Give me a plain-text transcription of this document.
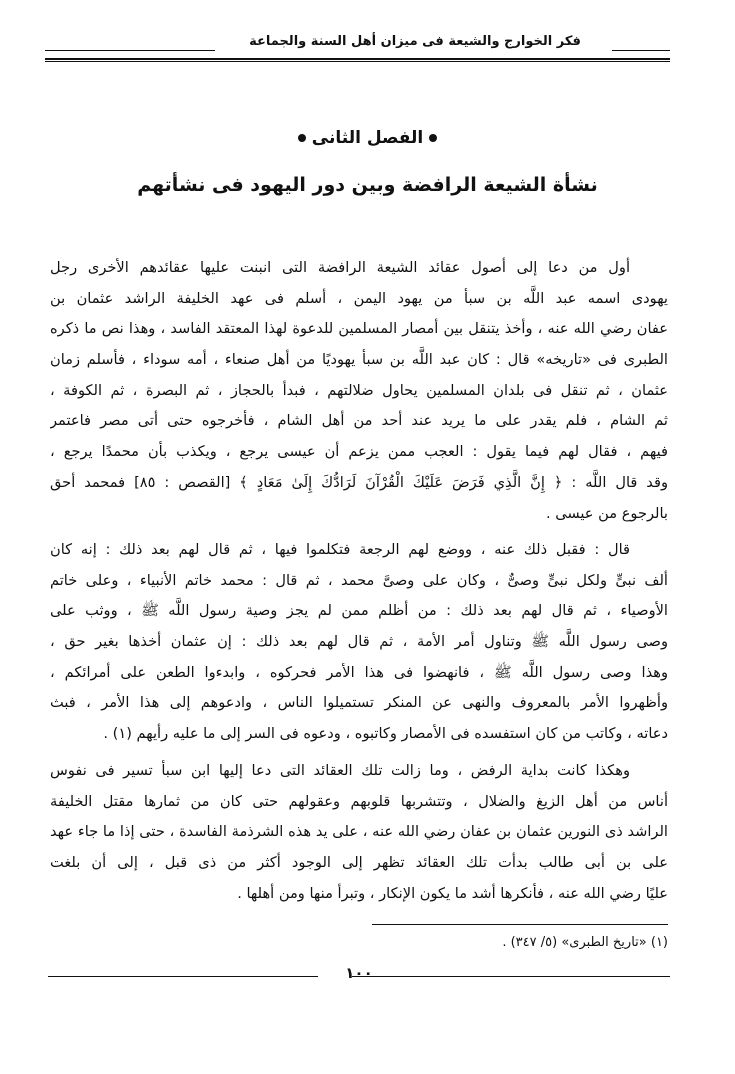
فكر الخوارج والشيعة فى ميزان أهل السنة والجماعة
الفصل الثانى
نشأة الشيعة الرافضة وبين دور اليهود فى نشأتهم
أول من دعا إلى أصول عقائد الشيعة الرافضة التى انبنت عليها عقائدهم الأخرى رجل
يهودى اسمه عبد اللَّه بن سبأ من يهود اليمن ، أسلم فى عهد الخليفة الراشد عثمان بن
عفان رضي الله عنه ، وأخذ يتنقل بين أمصار المسلمين للدعوة لهذا المعتقد الفاسد ، وهذا نص ما ذكره
الطبرى فى «تاريخه» قال : كان عبد اللَّه بن سبأ يهوديًا من أهل صنعاء ، أمه سوداء ، فأسلم زمان
عثمان ، ثم تنقل فى بلدان المسلمين يحاول ضلالتهم ، فبدأ بالحجاز ، ثم البصرة ، ثم الكوفة ،
ثم الشام ، فلم يقدر على ما يريد عند أحد من أهل الشام ، فأخرجوه حتى أتى مصر فاعتمر
فيهم ، فقال لهم فيما يقول : العجب ممن يزعم أن عيسى يرجع ، ويكذب بأن محمدًا يرجع ،
وقد قال اللَّه : ﴿ إِنَّ الَّذِي فَرَضَ عَلَيْكَ الْقُرْآنَ لَرَادُّكَ إِلَىٰ مَعَادٍ ﴾ [القصص : ٨٥] فمحمد أحق
بالرجوع من عيسى .
قال : فقبل ذلك عنه ، ووضع لهم الرجعة فتكلموا فيها ، ثم قال لهم بعد ذلك : إنه كان
ألف نبىٍّ ولكل نبىٍّ وصىٌّ ، وكان على وصىَّ محمد ، ثم قال : محمد خاتم الأنبياء ، وعلى خاتم
الأوصياء ، ثم قال لهم بعد ذلك : من أظلم ممن لم يجز وصية رسول اللَّه ﷺ ، ووثب على
وصى رسول اللَّه ﷺ وتناول أمر الأمة ، ثم قال لهم بعد ذلك : إن عثمان أخذها بغير حق ،
وهذا وصى رسول اللَّه ﷺ ، فانهضوا فى هذا الأمر فحركوه ، وابدءوا الطعن على أمرائكم ،
وأظهروا الأمر بالمعروف والنهى عن المنكر تستميلوا الناس ، وادعوهم إلى هذا الأمر ، فبث
دعاته ، وكاتب من كان استفسده فى الأمصار وكاتبوه ، ودعوه فى السر إلى ما عليه رأيهم (١) .
وهكذا كانت بداية الرفض ، وما زالت تلك العقائد التى دعا إليها ابن سبأ تسير فى نفوس
أناس من أهل الزيغ والضلال ، وتتشربها قلوبهم وعقولهم حتى كان من ثمارها مقتل الخليفة
الراشد ذى النورين عثمان بن عفان رضي الله عنه ، على يد هذه الشرذمة الفاسدة ، حتى إذا ما جاء عهد
على بن أبى طالب بدأت تلك العقائد تظهر إلى الوجود أكثر من ذى قبل ، إلى أن بلغت
عليًا رضي الله عنه ، فأنكرها أشد ما يكون الإنكار ، وتبرأ منها ومن أهلها .
(١) «تاريخ الطبرى» (٥/ ٣٤٧) .
١٠٠
